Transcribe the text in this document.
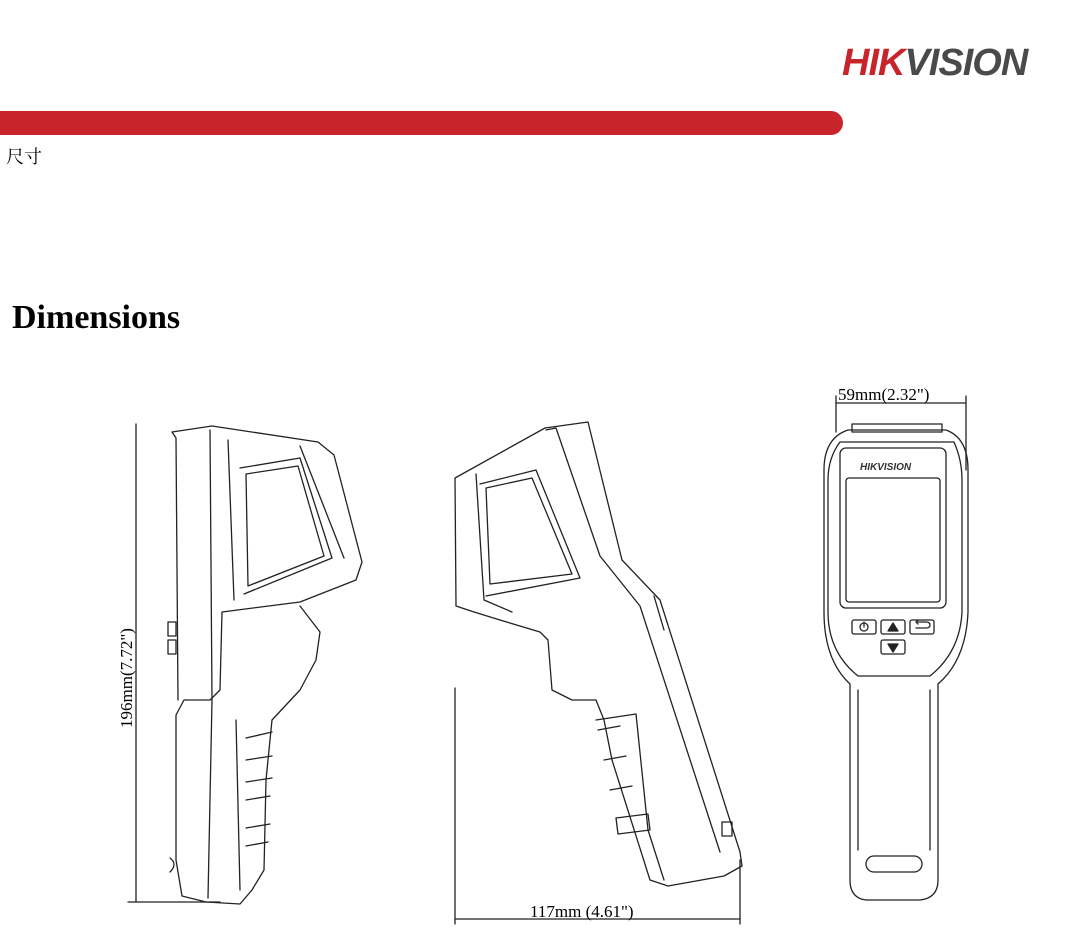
HIKVISION
尺寸
Dimensions
196mm(7.72")
117mm (4.61")
59mm(2.32")
HIKVISION
